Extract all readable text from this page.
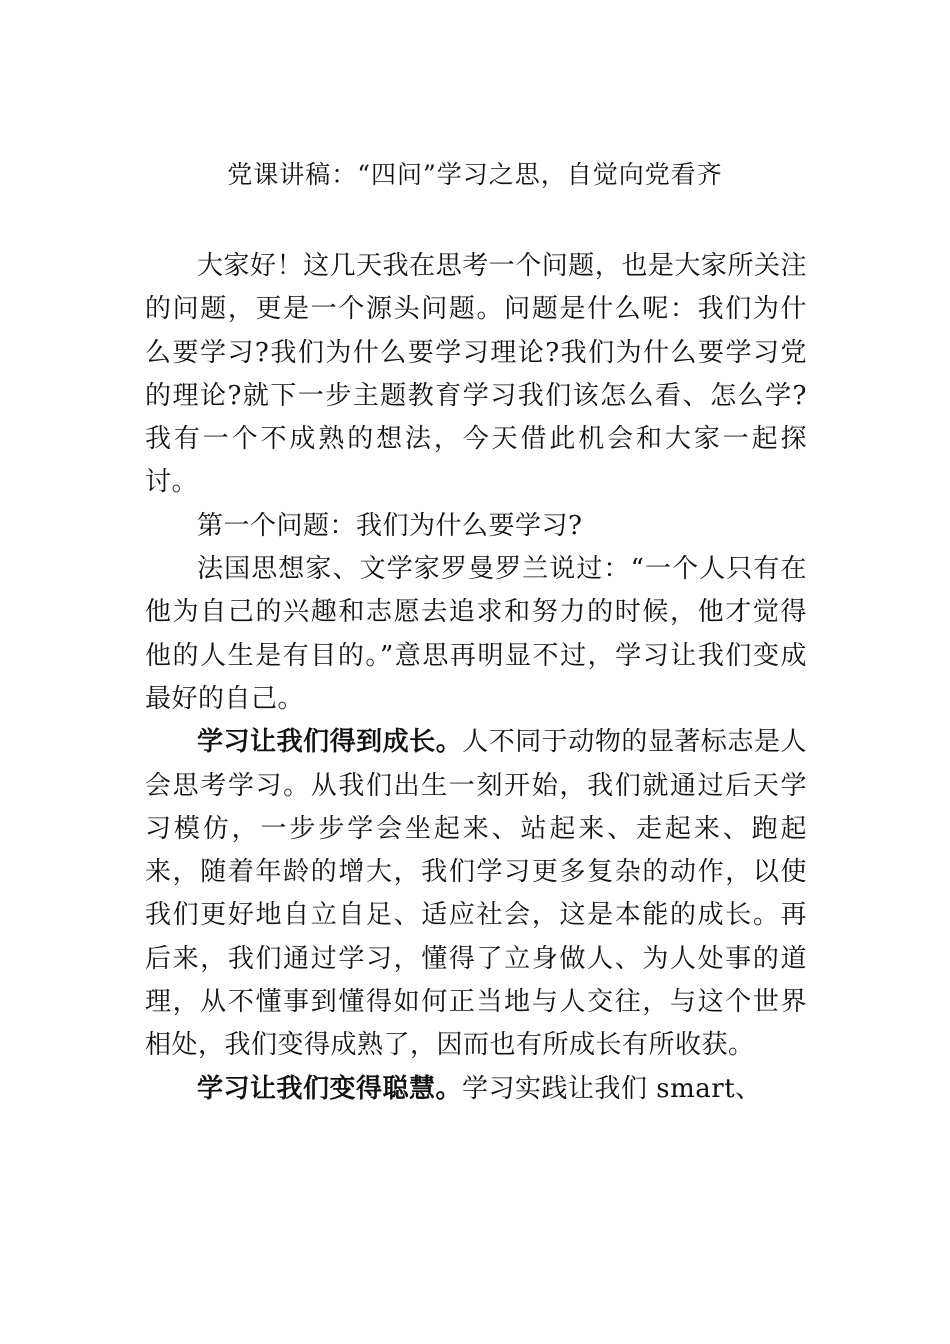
党课讲稿：“四问”学习之思，自觉向党看齐

大家好！这几天我在思考一个问题，也是大家所关注的问题，更是一个源头问题。问题是什么呢：我们为什么要学习?我们为什么要学习理论?我们为什么要学习党的理论?就下一步主题教育学习我们该怎么看、怎么学?我有一个不成熟的想法，今天借此机会和大家一起探讨。

第一个问题：我们为什么要学习?

法国思想家、文学家罗曼罗兰说过：“一个人只有在他为自己的兴趣和志愿去追求和努力的时候，他才觉得他的人生是有目的。”意思再明显不过，学习让我们变成最好的自己。

学习让我们得到成长。人不同于动物的显著标志是人会思考学习。从我们出生一刻开始，我们就通过后天学习模仿，一步步学会坐起来、站起来、走起来、跑起来，随着年龄的增大，我们学习更多复杂的动作，以使我们更好地自立自足、适应社会，这是本能的成长。再后来，我们通过学习，懂得了立身做人、为人处事的道理，从不懂事到懂得如何正当地与人交往，与这个世界相处，我们变得成熟了，因而也有所成长有所收获。

学习让我们变得聪慧。学习实践让我们 smart、
